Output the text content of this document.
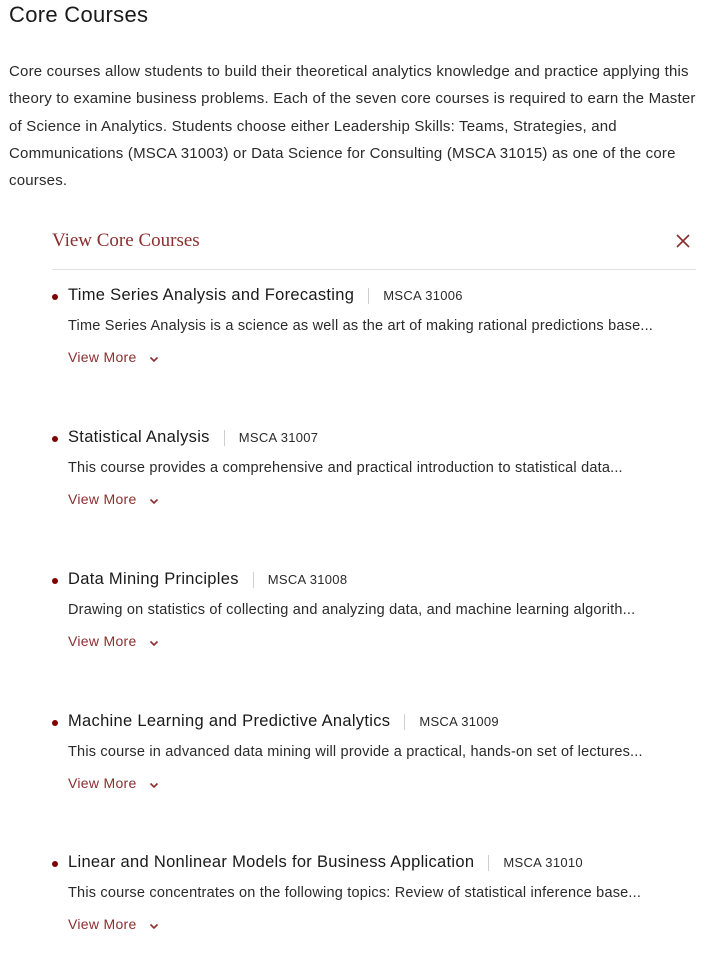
Core Courses

Core courses allow students to build their theoretical analytics knowledge and practice applying this theory to examine business problems. Each of the seven core courses is required to earn the Master of Science in Analytics. Students choose either Leadership Skills: Teams, Strategies, and Communications (MSCA 31003) or Data Science for Consulting (MSCA 31015) as one of the core courses.

View Core Courses
Time Series Analysis and Forecasting MSCA 31006
Time Series Analysis is a science as well as the art of making rational predictions base...
View More
Statistical Analysis MSCA 31007
This course provides a comprehensive and practical introduction to statistical data...
View More
Data Mining Principles MSCA 31008
Drawing on statistics of collecting and analyzing data, and machine learning algorith...
View More
Machine Learning and Predictive Analytics MSCA 31009
This course in advanced data mining will provide a practical, hands-on set of lectures...
View More
Linear and Nonlinear Models for Business Application MSCA 31010
This course concentrates on the following topics: Review of statistical inference base...
View More
